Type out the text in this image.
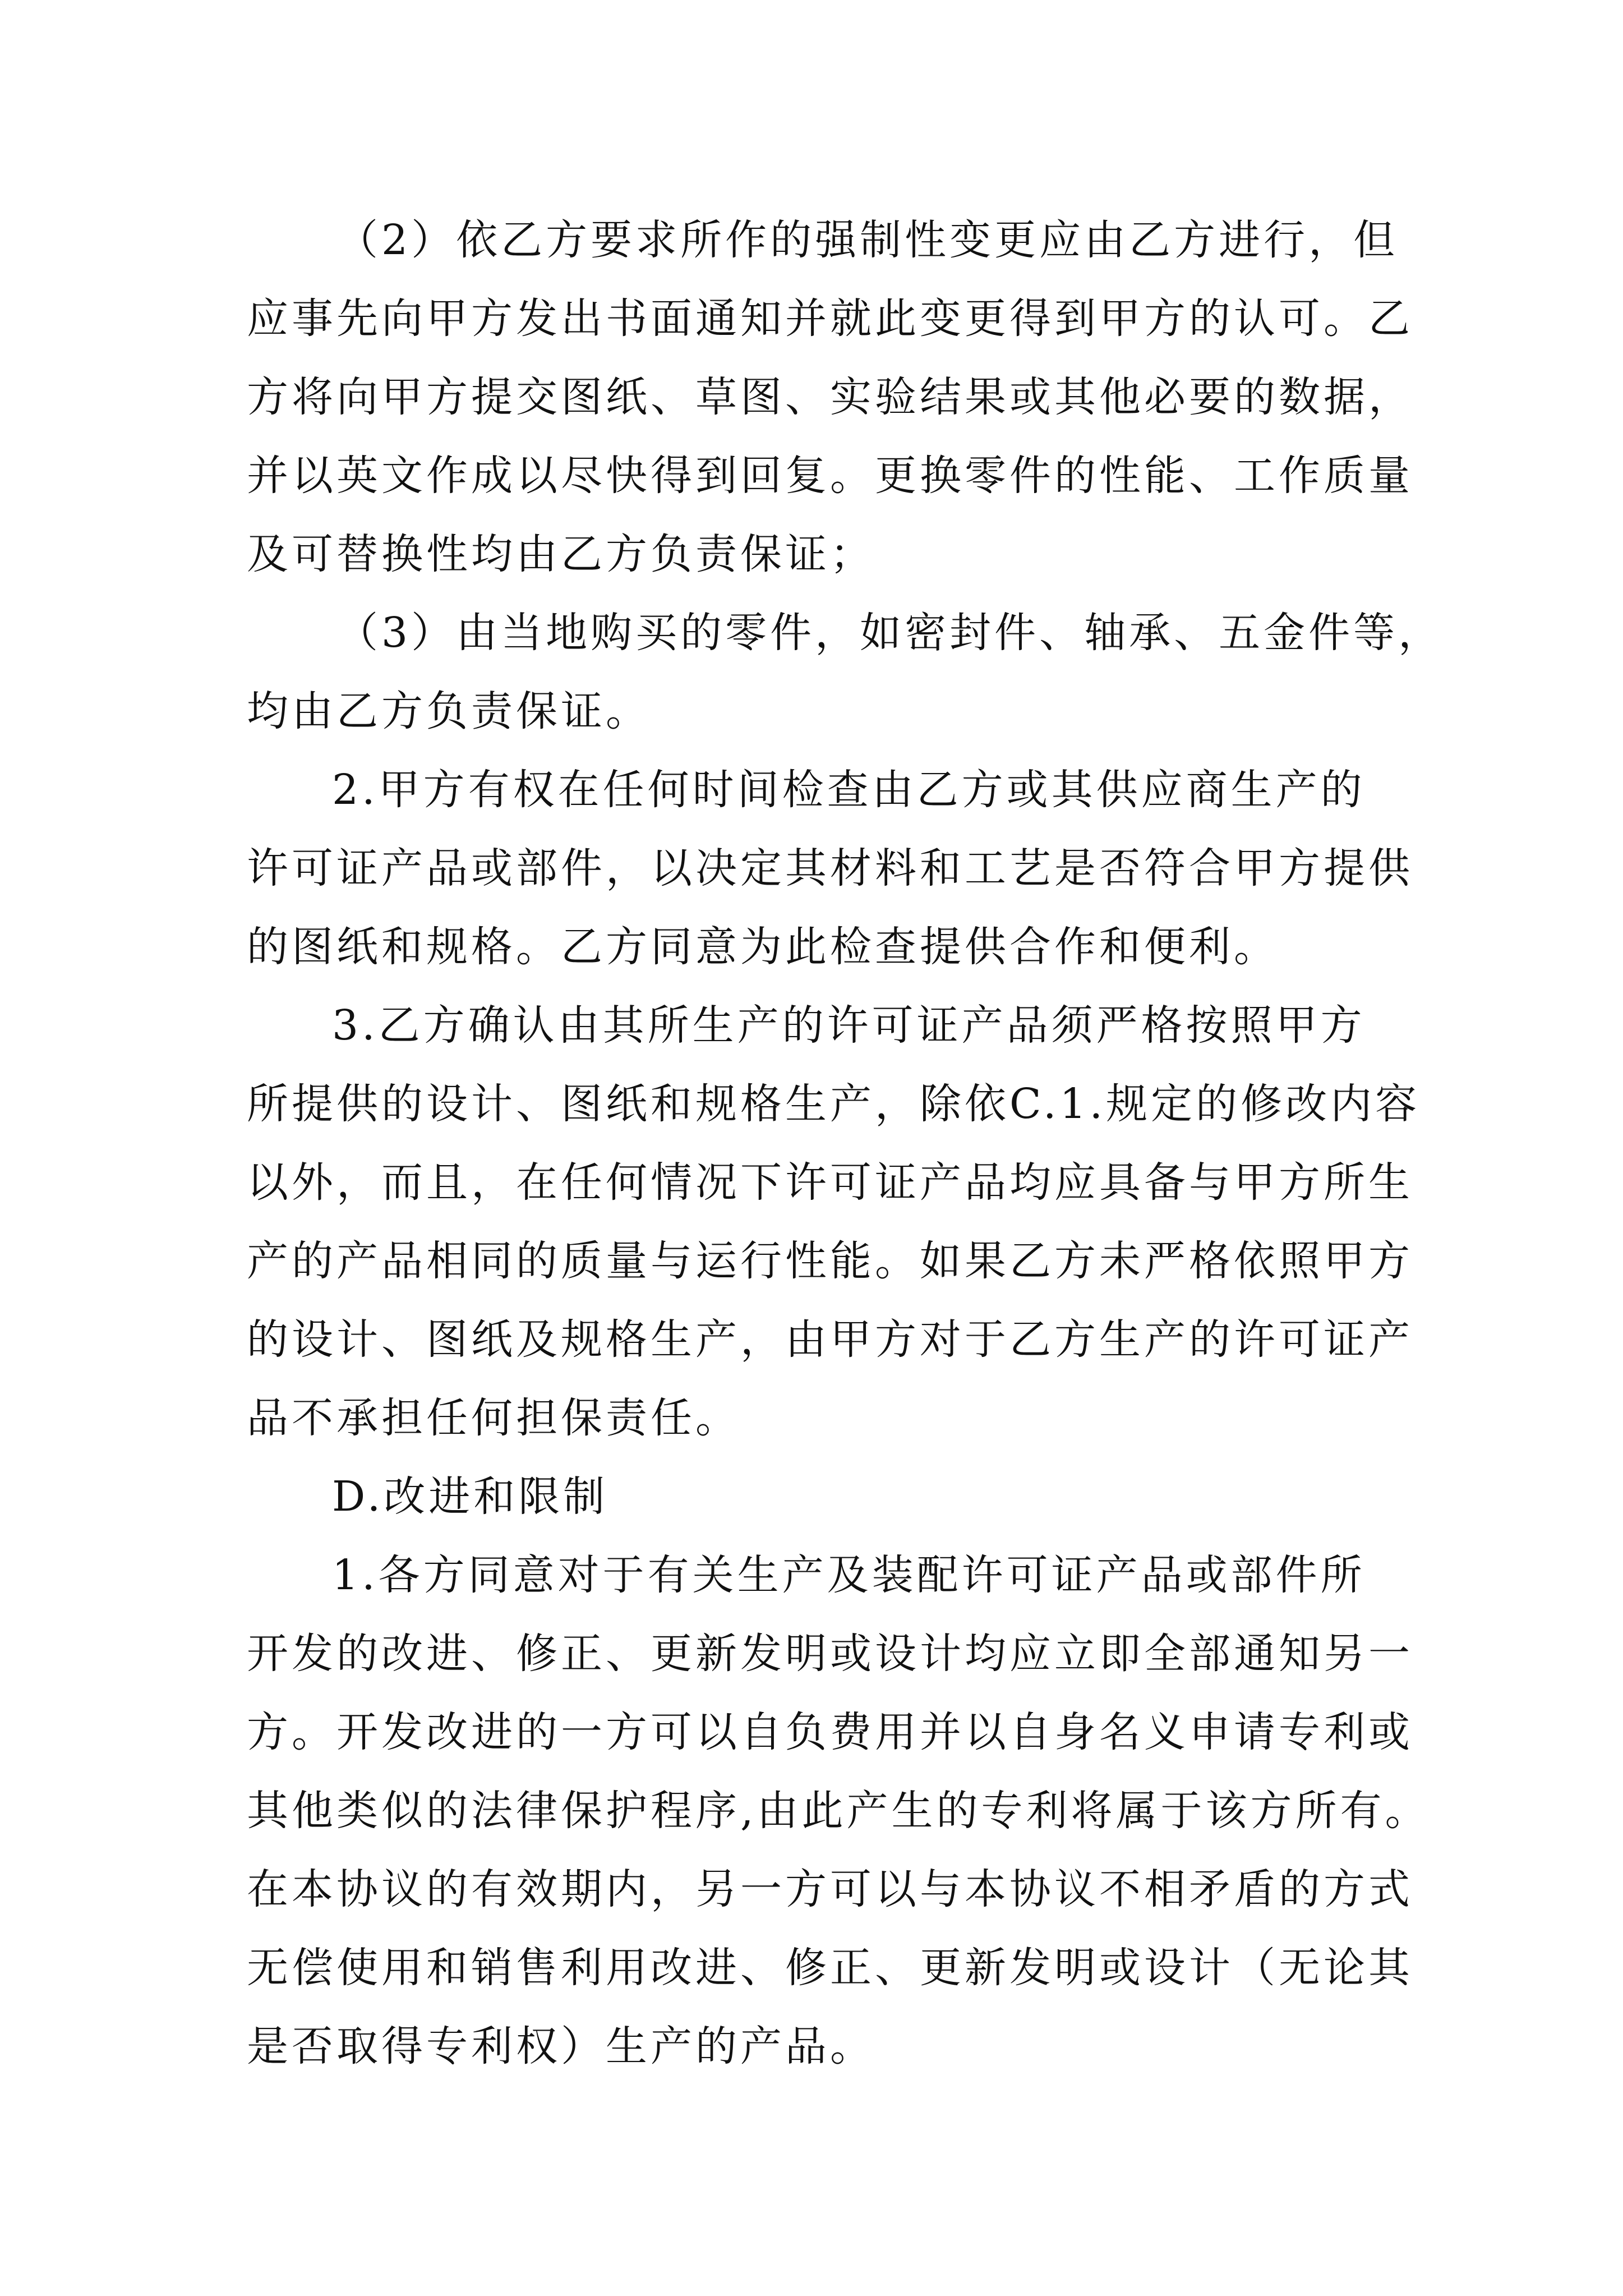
（2）依乙方要求所作的强制性变更应由乙方进行，但
应事先向甲方发出书面通知并就此变更得到甲方的认可。乙
方将向甲方提交图纸、草图、实验结果或其他必要的数据，
并以英文作成以尽快得到回复。更换零件的性能、工作质量
及可替换性均由乙方负责保证；
（3）由当地购买的零件，如密封件、轴承、五金件等，
均由乙方负责保证。
2.甲方有权在任何时间检查由乙方或其供应商生产的
许可证产品或部件，以决定其材料和工艺是否符合甲方提供
的图纸和规格。乙方同意为此检查提供合作和便利。
3.乙方确认由其所生产的许可证产品须严格按照甲方
所提供的设计、图纸和规格生产，除依C.1.规定的修改内容
以外，而且，在任何情况下许可证产品均应具备与甲方所生
产的产品相同的质量与运行性能。如果乙方未严格依照甲方
的设计、图纸及规格生产，由甲方对于乙方生产的许可证产
品不承担任何担保责任。
D.改进和限制
1.各方同意对于有关生产及装配许可证产品或部件所
开发的改进、修正、更新发明或设计均应立即全部通知另一
方。开发改进的一方可以自负费用并以自身名义申请专利或
其他类似的法律保护程序,由此产生的专利将属于该方所有。
在本协议的有效期内，另一方可以与本协议不相矛盾的方式
无偿使用和销售利用改进、修正、更新发明或设计（无论其
是否取得专利权）生产的产品。
